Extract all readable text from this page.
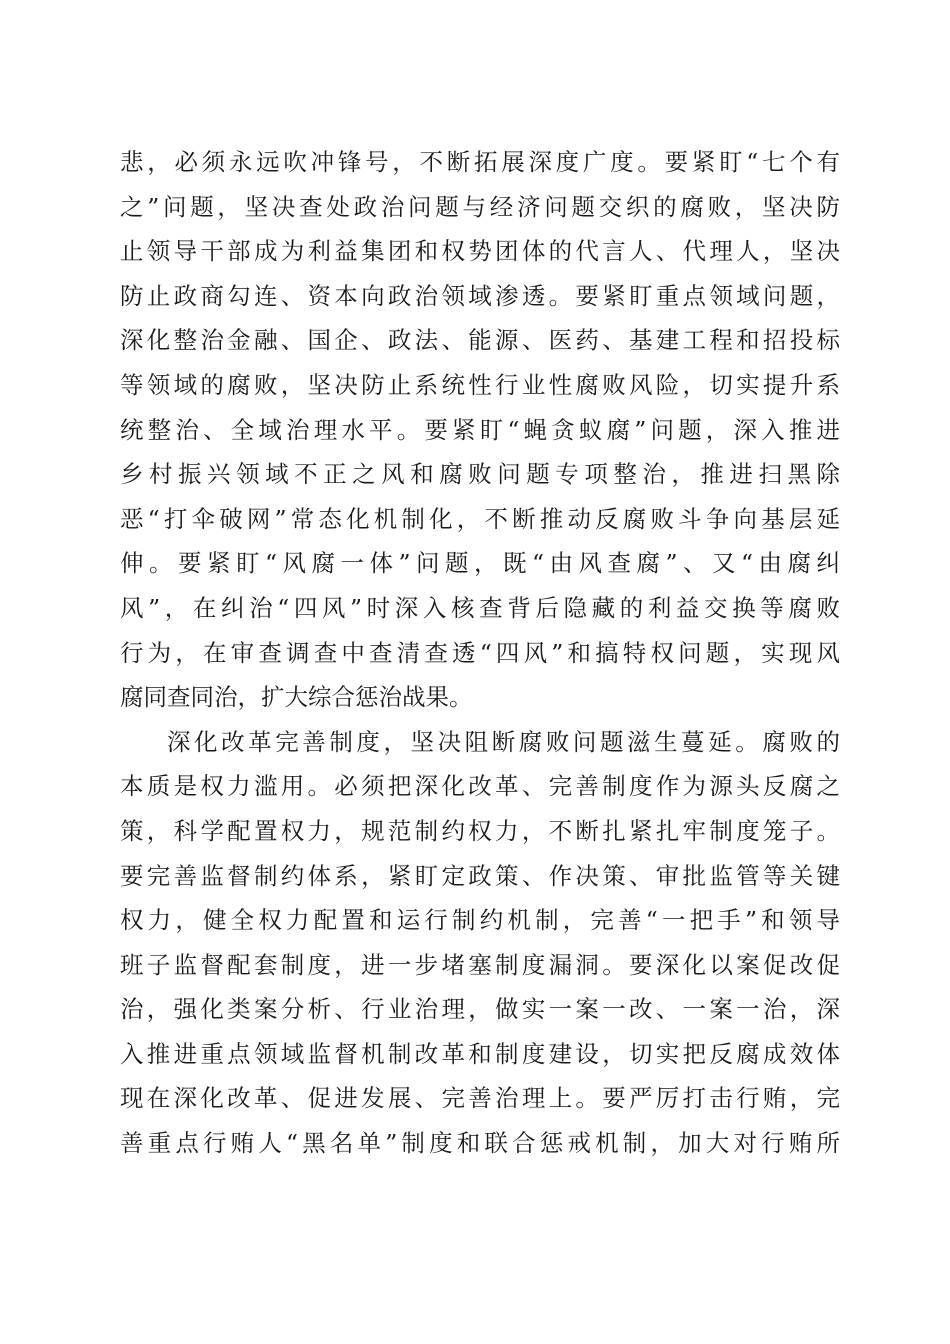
悲，必须永远吹冲锋号，不断拓展深度广度。要紧盯“七个有
之”问题，坚决查处政治问题与经济问题交织的腐败，坚决防
止领导干部成为利益集团和权势团体的代言人、代理人，坚决
防止政商勾连、资本向政治领域渗透。要紧盯重点领域问题，
深化整治金融、国企、政法、能源、医药、基建工程和招投标
等领域的腐败，坚决防止系统性行业性腐败风险，切实提升系
统整治、全域治理水平。要紧盯“蝇贪蚁腐”问题，深入推进
乡村振兴领域不正之风和腐败问题专项整治，推进扫黑除
恶“打伞破网”常态化机制化，不断推动反腐败斗争向基层延
伸。要紧盯“风腐一体”问题，既“由风查腐”、又“由腐纠
风”，在纠治“四风”时深入核查背后隐藏的利益交换等腐败
行为，在审查调查中查清查透“四风”和搞特权问题，实现风
腐同查同治，扩大综合惩治战果。
深化改革完善制度，坚决阻断腐败问题滋生蔓延。腐败的
本质是权力滥用。必须把深化改革、完善制度作为源头反腐之
策，科学配置权力，规范制约权力，不断扎紧扎牢制度笼子。
要完善监督制约体系，紧盯定政策、作决策、审批监管等关键
权力，健全权力配置和运行制约机制，完善“一把手”和领导
班子监督配套制度，进一步堵塞制度漏洞。要深化以案促改促
治，强化类案分析、行业治理，做实一案一改、一案一治，深
入推进重点领域监督机制改革和制度建设，切实把反腐成效体
现在深化改革、促进发展、完善治理上。要严厉打击行贿，完
善重点行贿人“黑名单”制度和联合惩戒机制，加大对行贿所
